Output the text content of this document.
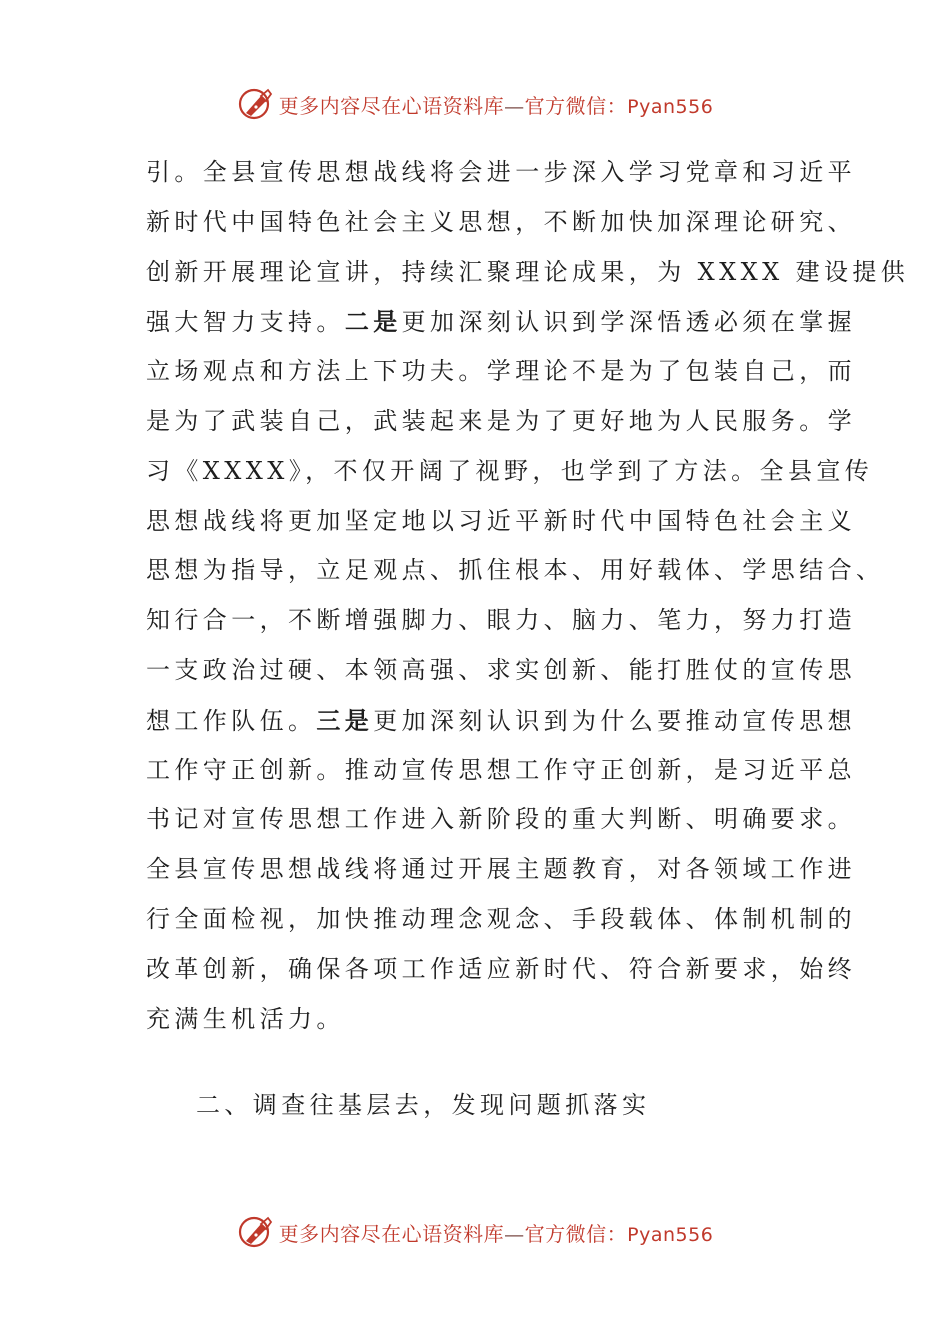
更多内容尽在心语资料库—官方微信：Pyan556
引。全县宣传思想战线将会进一步深入学习党章和习近平
新时代中国特色社会主义思想，不断加快加深理论研究、
创新开展理论宣讲，持续汇聚理论成果，为 XXXX 建设提供
强大智力支持。二是更加深刻认识到学深悟透必须在掌握
立场观点和方法上下功夫。学理论不是为了包装自己，而
是为了武装自己，武装起来是为了更好地为人民服务。学
习《XXXX》，不仅开阔了视野，也学到了方法。全县宣传
思想战线将更加坚定地以习近平新时代中国特色社会主义
思想为指导，立足观点、抓住根本、用好载体、学思结合、
知行合一，不断增强脚力、眼力、脑力、笔力，努力打造
一支政治过硬、本领高强、求实创新、能打胜仗的宣传思
想工作队伍。三是更加深刻认识到为什么要推动宣传思想
工作守正创新。推动宣传思想工作守正创新，是习近平总
书记对宣传思想工作进入新阶段的重大判断、明确要求。
全县宣传思想战线将通过开展主题教育，对各领域工作进
行全面检视，加快推动理念观念、手段载体、体制机制的
改革创新，确保各项工作适应新时代、符合新要求，始终
充满生机活力。
二、调查往基层去，发现问题抓落实
更多内容尽在心语资料库—官方微信：Pyan556
